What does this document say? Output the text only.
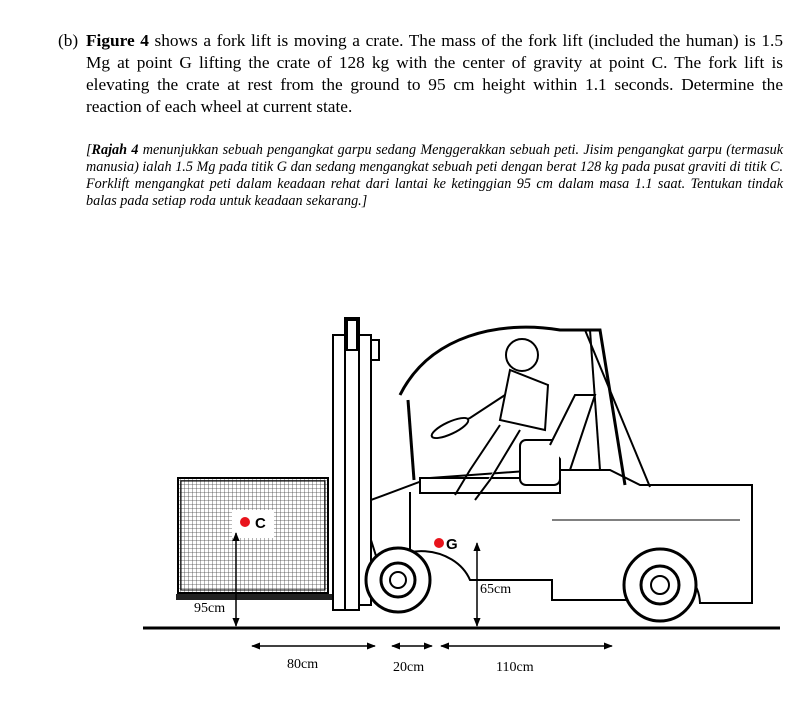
(b) Figure 4 shows a fork lift is moving a crate. The mass of the fork lift (included the human) is 1.5 Mg at point G lifting the crate of 128 kg with the center of gravity at point C. The fork lift is elevating the crate at rest from the ground to 95 cm height within 1.1 seconds. Determine the reaction of each wheel at current state.
[Rajah 4 menunjukkan sebuah pengangkat garpu sedang Menggerakkan sebuah peti. Jisim pengangkat garpu (termasuk manusia) ialah 1.5 Mg pada titik G dan sedang mengangkat sebuah peti dengan berat 128 kg pada pusat graviti di titik C. Forklift mengangkat peti dalam keadaan rehat dari lantai ke ketinggian 95 cm dalam masa 1.1 saat. Tentukan tindak balas pada setiap roda untuk keadaan sekarang.]
C
G
95cm
65cm
80cm	20cm	110cm
